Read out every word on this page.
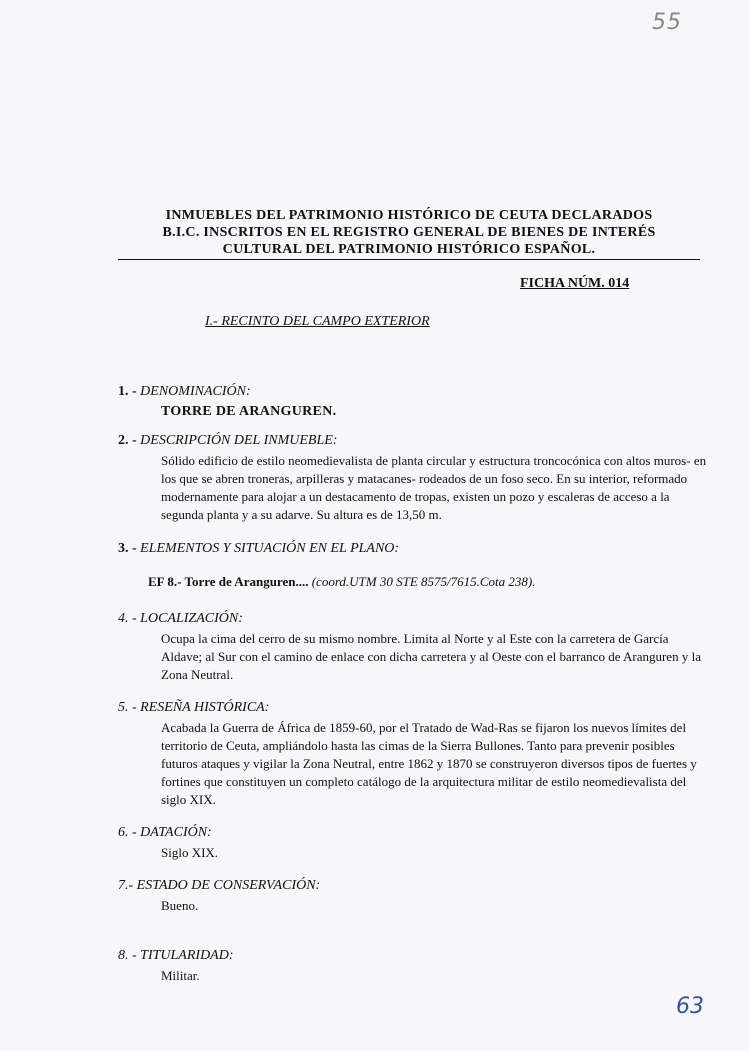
55
INMUEBLES DEL PATRIMONIO HISTÓRICO DE CEUTA DECLARADOS
B.I.C. INSCRITOS EN EL REGISTRO GENERAL DE BIENES DE INTERÉS
CULTURAL DEL PATRIMONIO HISTÓRICO ESPAÑOL.
FICHA NÚM. 014
I.- RECINTO DEL CAMPO EXTERIOR
1. - DENOMINACIÓN:
TORRE DE ARANGUREN.
2. - DESCRIPCIÓN DEL INMUEBLE:
Sólido edificio de estilo neomedievalista de planta circular y estructura troncocónica con altos muros- en los que se abren troneras, arpilleras y matacanes- rodeados de un foso seco. En su interior, reformado modernamente para alojar a un destacamento de tropas, existen un pozo y escaleras de acceso a la segunda planta y a su adarve. Su altura es de 13,50 m.
3. - ELEMENTOS Y SITUACIÓN EN EL PLANO:
EF 8.- Torre de Aranguren.... (coord.UTM 30 STE 8575/7615.Cota 238).
4. - LOCALIZACIÓN:
Ocupa la cima del cerro de su mismo nombre. Limita al Norte y al Este con la carretera de García Aldave; al Sur con el camino de enlace con dicha carretera y al Oeste con el barranco de Aranguren y la Zona Neutral.
5. - RESEÑA HISTÓRICA:
Acabada la Guerra de África de 1859-60, por el Tratado de Wad-Ras se fijaron los nuevos límites del territorio de Ceuta, ampliándolo hasta las cimas de la Sierra Bullones. Tanto para prevenir posibles futuros ataques y vigilar la Zona Neutral, entre 1862 y 1870 se construyeron diversos tipos de fuertes y fortines que constituyen un completo catálogo de la arquitectura militar de estilo neomedievalista del siglo XIX.
6. - DATACIÓN:
Siglo XIX.
7.- ESTADO DE CONSERVACIÓN:
Bueno.
8. - TITULARIDAD:
Militar.
63
